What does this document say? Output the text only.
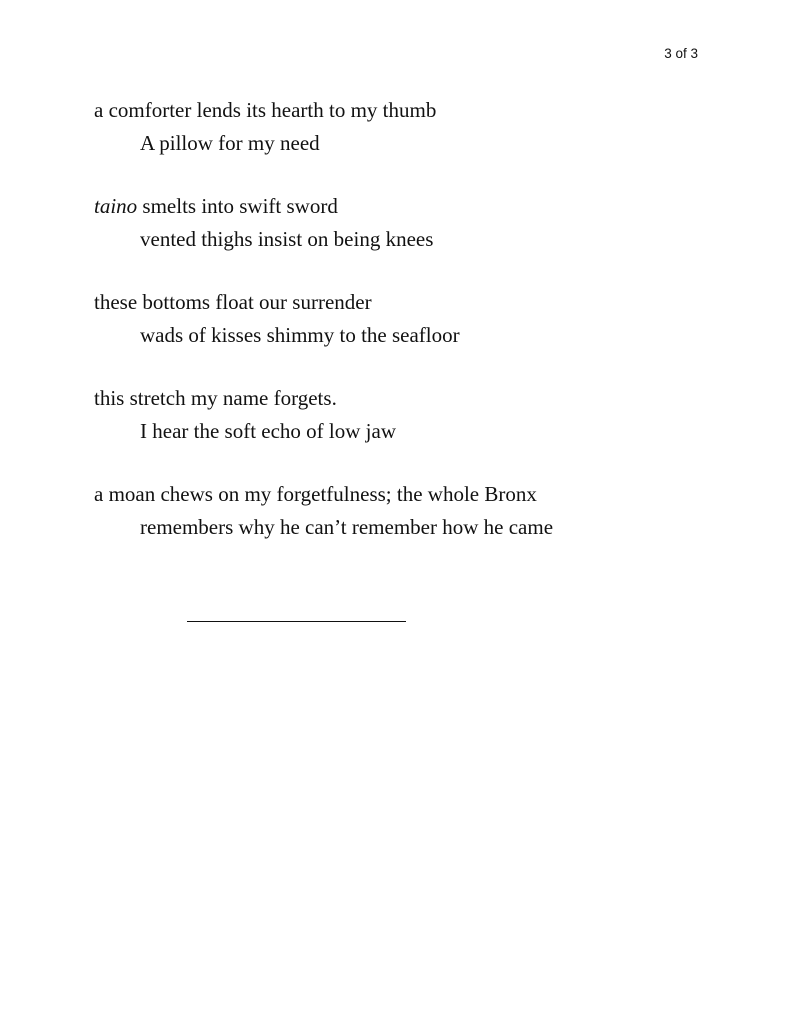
3 of 3
a comforter lends its hearth to my thumb
A pillow for my need
taino smelts into swift sword
vented thighs insist on being knees
these bottoms float our surrender
wads of kisses shimmy to the seafloor
this stretch my name forgets.
I hear the soft echo of low jaw
a moan chews on my forgetfulness; the whole Bronx
remembers why he can’t remember how he came
